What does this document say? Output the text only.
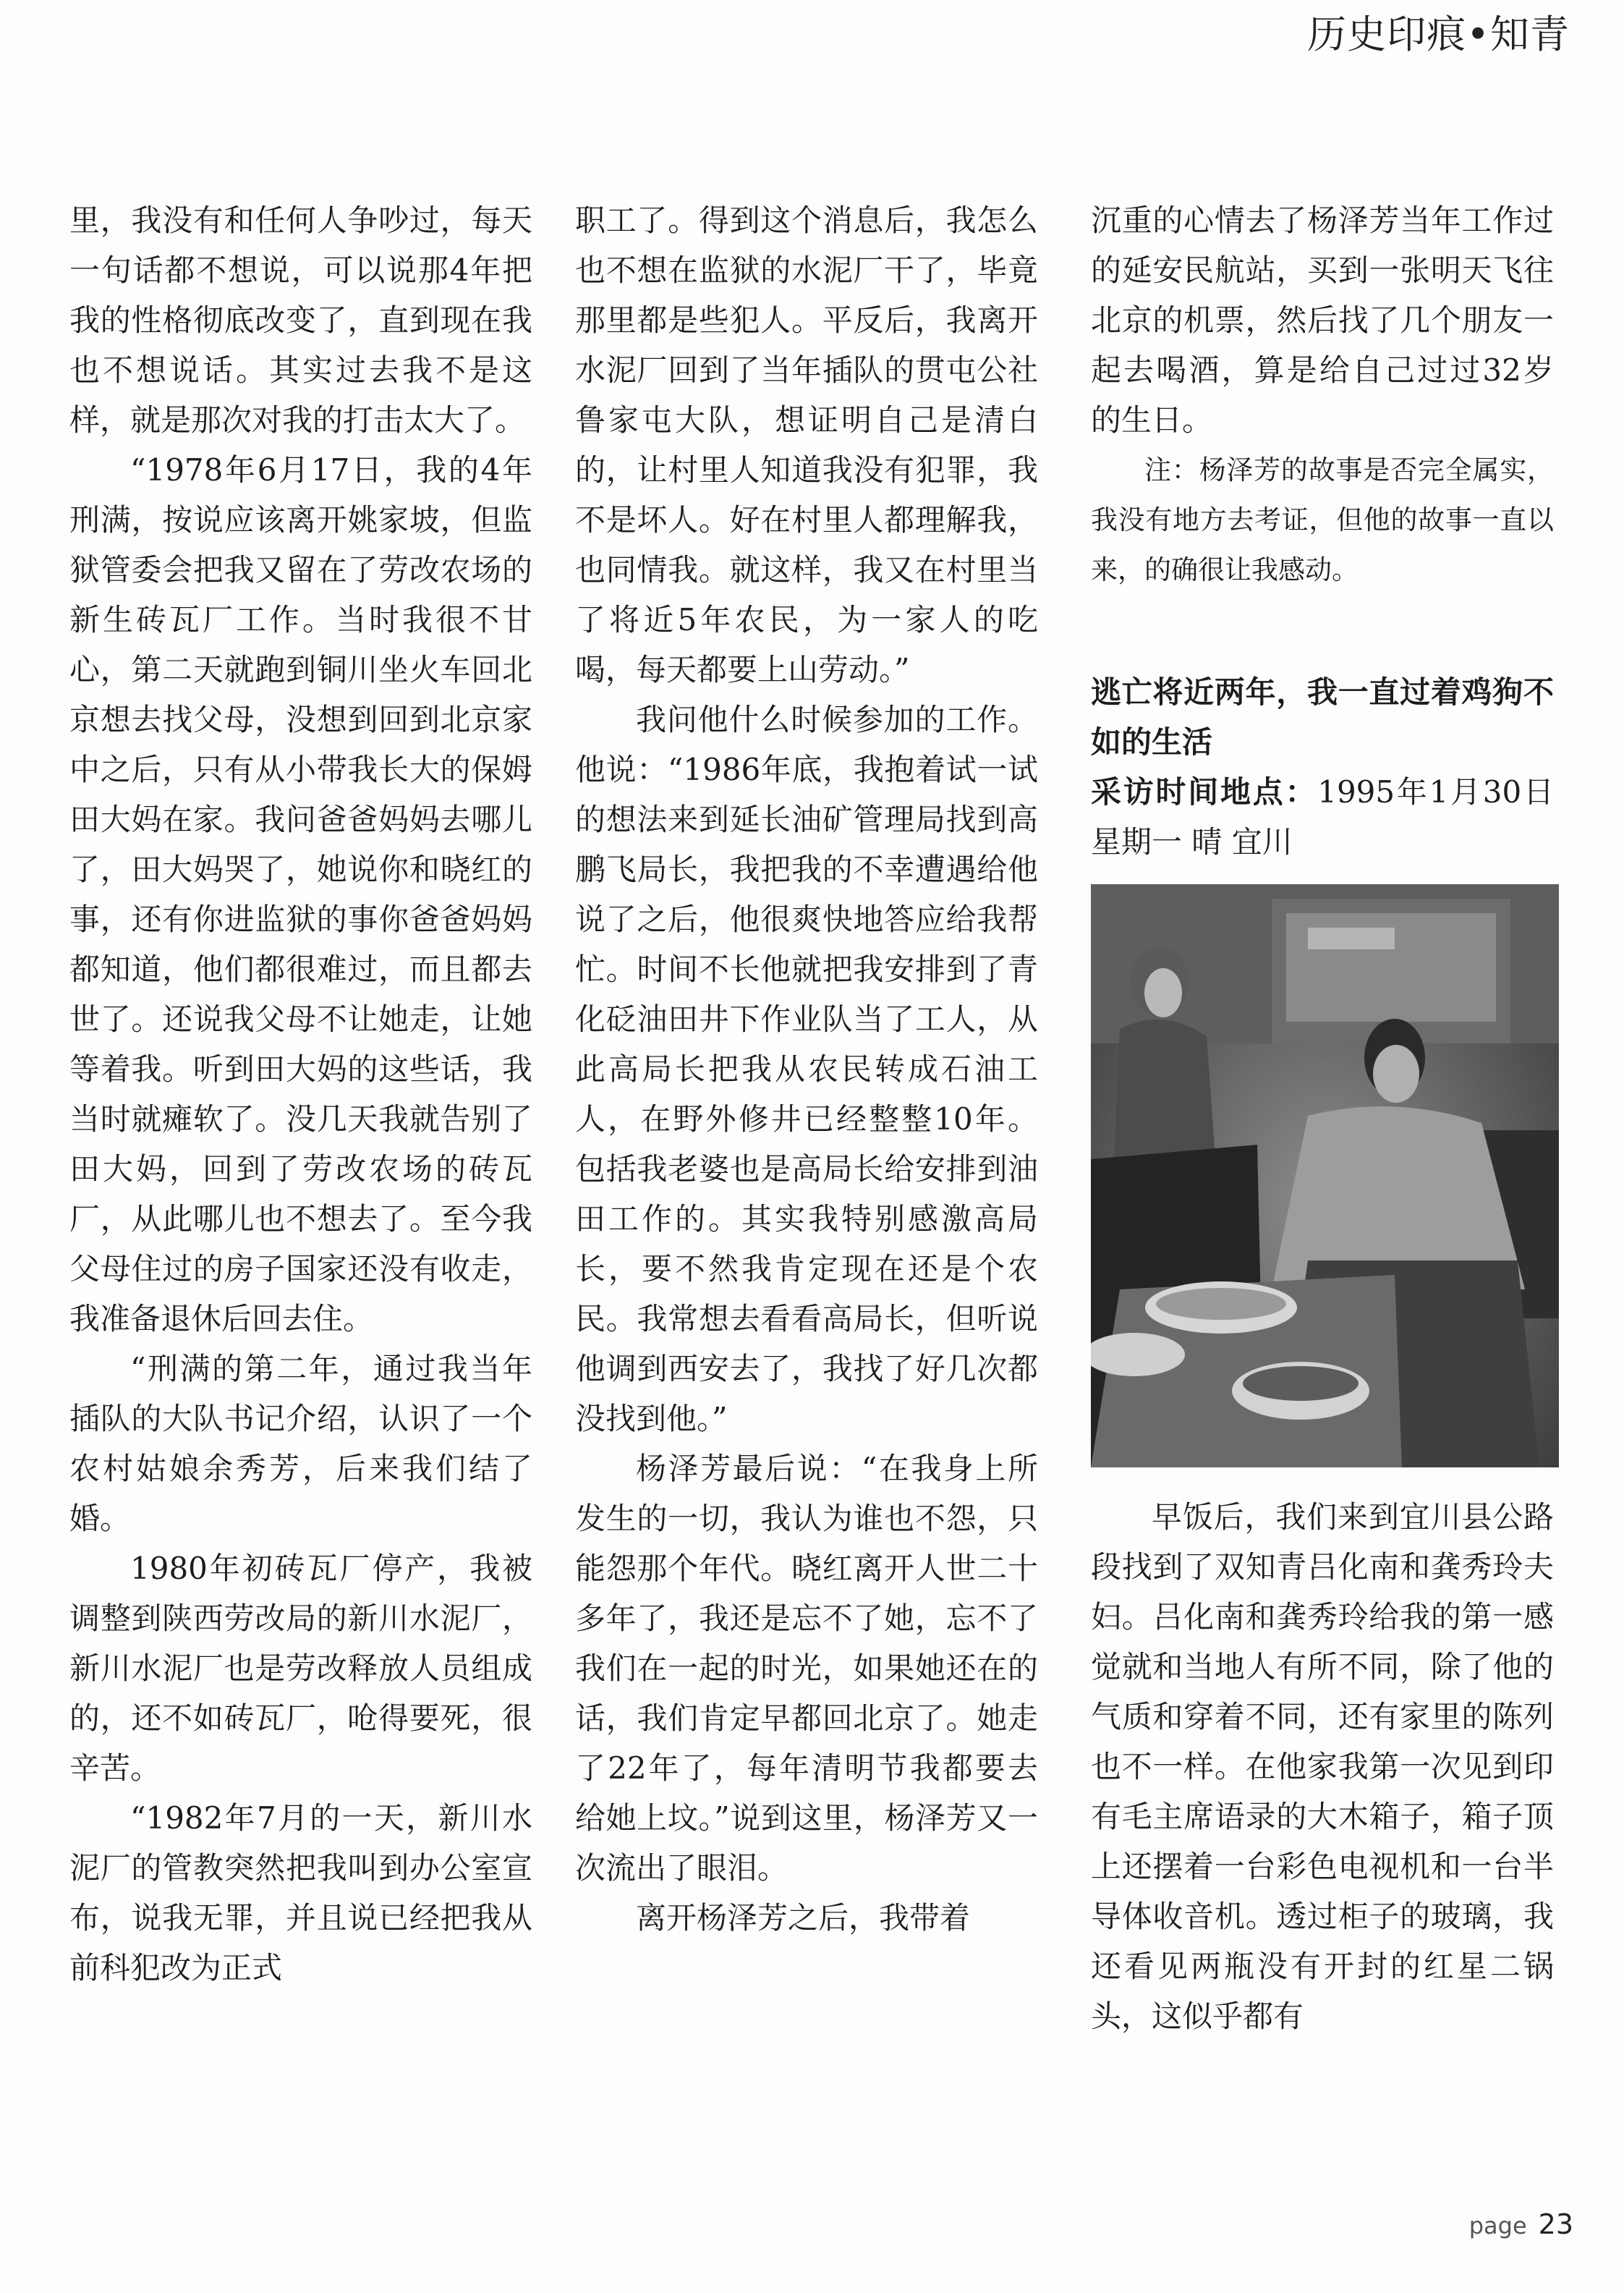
历史印痕•知青

里，我没有和任何人争吵过，每天一句话都不想说，可以说那4年把我的性格彻底改变了，直到现在我也不想说话。其实过去我不是这样，就是那次对我的打击太大了。

“1978年6月17日，我的4年刑满，按说应该离开姚家坡，但监狱管委会把我又留在了劳改农场的新生砖瓦厂工作。当时我很不甘心，第二天就跑到铜川坐火车回北京想去找父母，没想到回到北京家中之后，只有从小带我长大的保姆田大妈在家。我问爸爸妈妈去哪儿了，田大妈哭了，她说你和晓红的事，还有你进监狱的事你爸爸妈妈都知道，他们都很难过，而且都去世了。还说我父母不让她走，让她等着我。听到田大妈的这些话，我当时就瘫软了。没几天我就告别了田大妈，回到了劳改农场的砖瓦厂，从此哪儿也不想去了。至今我父母住过的房子国家还没有收走，我准备退休后回去住。

“刑满的第二年，通过我当年插队的大队书记介绍，认识了一个农村姑娘余秀芳，后来我们结了婚。

1980年初砖瓦厂停产，我被调整到陕西劳改局的新川水泥厂，新川水泥厂也是劳改释放人员组成的，还不如砖瓦厂，呛得要死，很辛苦。

“1982年7月的一天，新川水泥厂的管教突然把我叫到办公室宣布，说我无罪，并且说已经把我从前科犯改为正式

职工了。得到这个消息后，我怎么也不想在监狱的水泥厂干了，毕竟那里都是些犯人。平反后，我离开水泥厂回到了当年插队的贯屯公社鲁家屯大队，想证明自己是清白的，让村里人知道我没有犯罪，我不是坏人。好在村里人都理解我，也同情我。就这样，我又在村里当了将近5年农民，为一家人的吃喝，每天都要上山劳动。”

我问他什么时候参加的工作。他说：“1986年底，我抱着试一试的想法来到延长油矿管理局找到高鹏飞局长，我把我的不幸遭遇给他说了之后，他很爽快地答应给我帮忙。时间不长他就把我安排到了青化砭油田井下作业队当了工人，从此高局长把我从农民转成石油工人，在野外修井已经整整10年。包括我老婆也是高局长给安排到油田工作的。其实我特别感激高局长，要不然我肯定现在还是个农民。我常想去看看高局长，但听说他调到西安去了，我找了好几次都没找到他。”

杨泽芳最后说：“在我身上所发生的一切，我认为谁也不怨，只能怨那个年代。晓红离开人世二十多年了，我还是忘不了她，忘不了我们在一起的时光，如果她还在的话，我们肯定早都回北京了。她走了22年了，每年清明节我都要去给她上坟。”说到这里，杨泽芳又一次流出了眼泪。

离开杨泽芳之后，我带着

沉重的心情去了杨泽芳当年工作过的延安民航站，买到一张明天飞往北京的机票，然后找了几个朋友一起去喝酒，算是给自己过过32岁的生日。

注：杨泽芳的故事是否完全属实，我没有地方去考证，但他的故事一直以来，的确很让我感动。

逃亡将近两年，我一直过着鸡狗不如的生活

采访时间地点：1995年1月30日 星期一 晴 宜川

早饭后，我们来到宜川县公路段找到了双知青吕化南和龚秀玲夫妇。吕化南和龚秀玲给我的第一感觉就和当地人有所不同，除了他的气质和穿着不同，还有家里的陈列也不一样。在他家我第一次见到印有毛主席语录的大木箱子，箱子顶上还摆着一台彩色电视机和一台半导体收音机。透过柜子的玻璃，我还看见两瓶没有开封的红星二锅头，这似乎都有

page 23
